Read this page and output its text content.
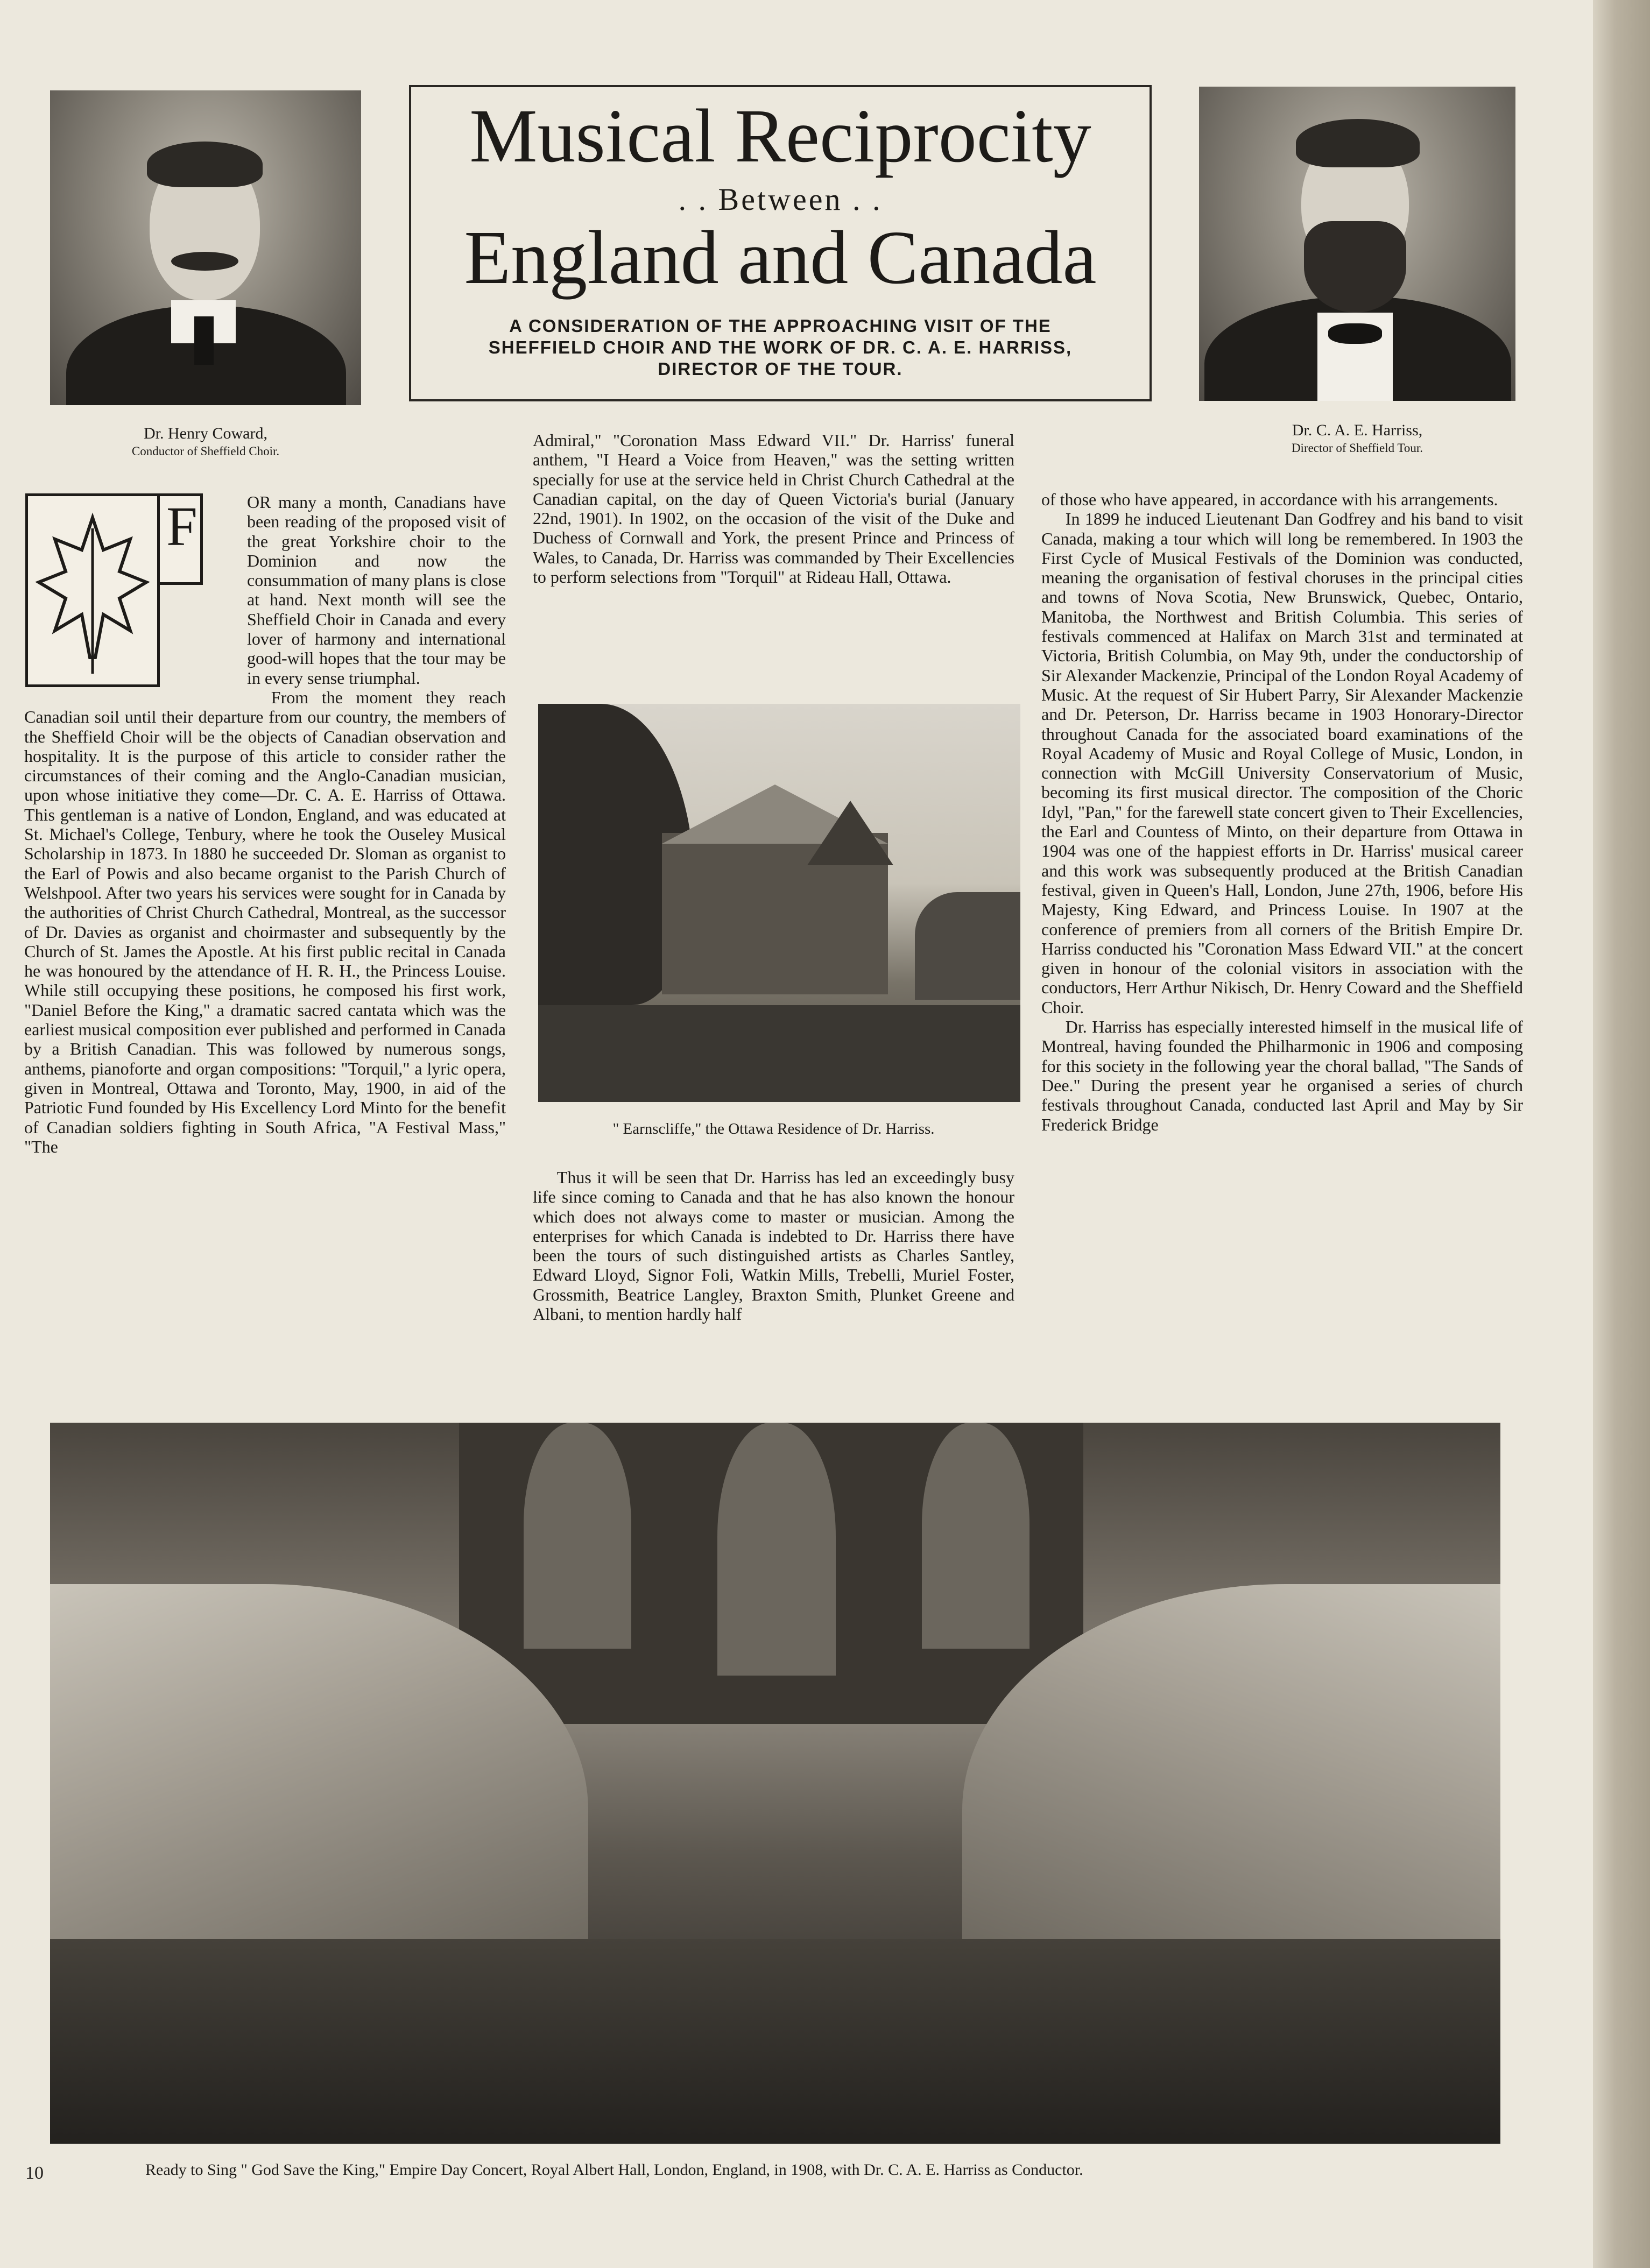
Musical Reciprocity
. . Between . .
England and Canada
A CONSIDERATION OF THE APPROACHING VISIT OF THE SHEFFIELD CHOIR AND THE WORK OF DR. C. A. E. HARRISS, DIRECTOR OF THE TOUR.
Dr. Henry Coward,
Conductor of Sheffield Choir.
Dr. C. A. E. Harriss,
Director of Sheffield Tour.
F	OR many a month, Canadians have been reading of the proposed visit of the great Yorkshire choir to the Dominion and now the consummation of many plans is close at hand. Next month will see the Sheffield Choir in Canada and every lover of harmony and international good-will hopes that the tour may be in every sense triumphal.

From the moment they reach Canadian soil until their departure from our country, the members of the Sheffield Choir will be the objects of Canadian observation and hospitality. It is the purpose of this article to consider rather the circumstances of their coming and the Anglo-Canadian musician, upon whose initiative they come—Dr. C. A. E. Harriss of Ottawa. This gentleman is a native of London, England, and was educated at St. Michael's College, Tenbury, where he took the Ouseley Musical Scholarship in 1873. In 1880 he succeeded Dr. Sloman as organist to the Earl of Powis and also became organist to the Parish Church of Welshpool. After two years his services were sought for in Canada by the authorities of Christ Church Cathedral, Montreal, as the successor of Dr. Davies as organist and choirmaster and subsequently by the Church of St. James the Apostle. At his first public recital in Canada he was honoured by the attendance of H. R. H., the Princess Louise. While still occupying these positions, he composed his first work, "Daniel Before the King," a dramatic sacred cantata which was the earliest musical composition ever published and performed in Canada by a British Canadian. This was followed by numerous songs, anthems, pianoforte and organ compositions: "Torquil," a lyric opera, given in Montreal, Ottawa and Toronto, May, 1900, in aid of the Patriotic Fund founded by His Excellency Lord Minto for the benefit of Canadian soldiers fighting in South Africa, "A Festival Mass," "The

Admiral," "Coronation Mass Edward VII." Dr. Harriss' funeral anthem, "I Heard a Voice from Heaven," was the setting written specially for use at the service held in Christ Church Cathedral at the Canadian capital, on the day of Queen Victoria's burial (January 22nd, 1901). In 1902, on the occasion of the visit of the Duke and Duchess of Cornwall and York, the present Prince and Princess of Wales, to Canada, Dr. Harriss was commanded by Their Excellencies to perform selections from "Torquil" at Rideau Hall, Ottawa.

" Earnscliffe," the Ottawa Residence of Dr. Harriss.

Thus it will be seen that Dr. Harriss has led an exceedingly busy life since coming to Canada and that he has also known the honour which does not always come to master or musician. Among the enterprises for which Canada is indebted to Dr. Harriss there have been the tours of such distinguished artists as Charles Santley, Edward Lloyd, Signor Foli, Watkin Mills, Trebelli, Muriel Foster, Grossmith, Beatrice Langley, Braxton Smith, Plunket Greene and Albani, to mention hardly half

of those who have appeared, in accordance with his arrangements.

In 1899 he induced Lieutenant Dan Godfrey and his band to visit Canada, making a tour which will long be remembered. In 1903 the First Cycle of Musical Festivals of the Dominion was conducted, meaning the organisation of festival choruses in the principal cities and towns of Nova Scotia, New Brunswick, Quebec, Ontario, Manitoba, the Northwest and British Columbia. This series of festivals commenced at Halifax on March 31st and terminated at Victoria, British Columbia, on May 9th, under the conductorship of Sir Alexander Mackenzie, Principal of the London Royal Academy of Music. At the request of Sir Hubert Parry, Sir Alexander Mackenzie and Dr. Peterson, Dr. Harriss became in 1903 Honorary-Director throughout Canada for the associated board examinations of the Royal Academy of Music and Royal College of Music, London, in connection with McGill University Conservatorium of Music, becoming its first musical director. The composition of the Choric Idyl, "Pan," for the farewell state concert given to Their Excellencies, the Earl and Countess of Minto, on their departure from Ottawa in 1904 was one of the happiest efforts in Dr. Harriss' musical career and this work was subsequently produced at the British Canadian festival, given in Queen's Hall, London, June 27th, 1906, before His Majesty, King Edward, and Princess Louise. In 1907 at the conference of premiers from all corners of the British Empire Dr. Harriss conducted his "Coronation Mass Edward VII." at the concert given in honour of the colonial visitors in association with the conductors, Herr Arthur Nikisch, Dr. Henry Coward and the Sheffield Choir.

Dr. Harriss has especially interested himself in the musical life of Montreal, having founded the Philharmonic in 1906 and composing for this society in the following year the choral ballad, "The Sands of Dee." During the present year he organised a series of church festivals throughout Canada, conducted last April and May by Sir Frederick Bridge

10	Ready to Sing " God Save the King," Empire Day Concert, Royal Albert Hall, London, England, in 1908, with Dr. C. A. E. Harriss as Conductor.
